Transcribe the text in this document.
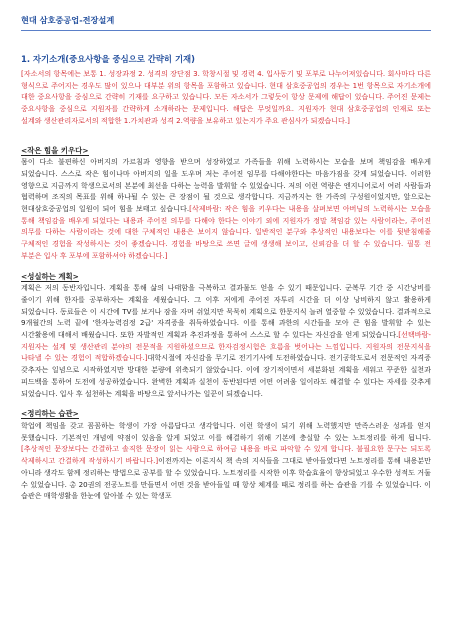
현대 삼호중공업-전장설계
1. 자기소개(중요사항을 중심으로 간략히 기재)

[자소서의 항목에는 보통 1. 성장과정 2. 성격의 장단점 3. 학창시절 및 경력 4. 입사동기 및 포부로 나누어져있습니다. 회사마다 다른 형식으로 주어지는 경우도 많이 있으나 대부분 위의 항목을 포함하고 있습니다. 현대 삼호중공업의 경우는 1번 항목으로 자기소개에 대한 중요사항을 중심으로 간략히 기재를 요구하고 있습니다. 모든 자소서가 그렇듯이 항상 문제에 해답이 있습니다. 주어진 문제는 중요사항을 중심으로 지원자를 간략하게 소개하라는 문제입니다. 해답은 무엇일까요. 지원자가 현대 삼호중공업의 인재로 또는 설계와 생산관리자로서의 적합한 1.가치관과 성격 2.역량을 보유하고 있는지가 주요 관심사가 되겠습니다.]

<작은 힘을 키우다>

몸이 다소 불편하신 아버지의 가르침과 영향을 받으며 성장하였고 가족들을 위해 노력하시는 모습을 보며 책임감을 배우게 되었습니다. 스스로 작은 힘이나마 아버지의 일을 도우며 저는 주어진 임무를 다해야한다는 마음가짐을 갖게 되었습니다. 이러한 영향으로 지금까지 학생으로서의 본분에 최선을 다하는 능력을 발휘할 수 있었습니다. 저의 이런 역량은 엔지니어로서 여러 사람들과 협력하며 조직의 목표를 위해 하나될 수 있는 큰 장점이 될 것으로 생각합니다. 지금까지는 한 가족의 구성원이었지만, 앞으로는 현대삼호중공업의 일원이 되어 힘을 보태고 싶습니다.[삭제바람: 작은 힘을 키우다는 내용을 살펴보면 아버님의 노력하시는 모습을 통해 책임감을 배우게 되었다는 내용과 주어진 의무를 다해야 한다는 이야기 외에 지원자가 정말 책임감 있는 사람이라는, 주어진 의무를 다하는 사람이라는 것에 대한 구체적인 내용은 보이지 않습니다. 일반적인 분구와 추상적인 내용보다는 이를 뒷받침해줄 구체적인 경험을 작성하시는 것이 좋겠습니다. 경험을 바탕으로 쓰면 글에 생생해 보이고, 신뢰감을 더 할 수 있습니다. 필통 전 부분은 입사 후 포부에 포함하셔야 하겠습니다.]

<성실하는 계획>

계획은 저의 동반자입니다. 계획을 통해 삶의 나태함을 극복하고 결과물도 얻을 수 있기 때문입니다. 군복무 기간 중 시간낭비를 줄이기 위해 한자를 공부하자는 계획을 세웠습니다. 그 이후 저에게 주어진 자투리 시간을 더 이상 낭비하지 않고 활용하게 되었습니다. 동료들은 이 시간에 TV를 보거나 잠을 자며 쉬었지만 묵묵히 계획으로 한문지식 늘려 열중할 수 있었습니다. 결과적으로 9개월간의 노력 끝에 '한자능력검정 2급' 자격증을 취득하였습니다. 이를 통해 과한의 시간들을 모아 큰 힘을 발휘할 수 있는 시간활용에 대해서 배웠습니다. 또한 자발적인 계획과 추진과정을 통하여 스스로 할 수 있다는 자신감을 얻게 되었습니다.[선택바람-지원자는 설계 및 생산관리 분야의 전문적을 지원하셨으므로 한자검정시험은 흐름을 벗어나는 느낌입니다. 지원자의 전문지식을 나타낼 수 있는 경험이 적합하겠습니다.]대학시절에 자신감을 무기로 전기기사에 도전하였습니다. 전기공학도로서 전문적인 자격증 갖추자는 일념으로 시작하였지만 방대한 분량에 위축되기 않았습니다. 이에 장기적이면서 세분화된 계획을 세워고 꾸준한 실천과 피드백을 통하여 도전에 성공하였습니다. 완벽한 계획과 실천이 동반된다면 어떤 어려움 일이라도 해결할 수 있다는 자세를 갖추게 되었습니다. 입사 후 설천하는 계획을 바탕으로 앞서나가는 일꾼이 되겠습니다.

<정리하는 습관>

학업에 책임을 갖고 꼼꼼하는 학생이 가장 아름답다고 생각합니다. 이런 학생이 되기 위해 노력했지만 만족스러운 성과를 얻지 못했습니다. 기본적인 개념에 약점이 있음을 알게 되었고 이를 해결하기 위해 기본에 충실할 수 있는 노트정리를 하게 됩니다.[추상적인 문장보다는 간결하고 솔직한 문장이 읽는 사람으로 하여금 내용을 바로 파악할 수 있게 합니다. 불필요한 문구는 되도록 삭제하시고 간결하게 작성하시기 바랍니다.]이전까지는 이론지식 책 속의 지식들을 그대로 받아들였다면 노트정리를 통해 내용분만 아니라 생각도 함께 정리하는 방법으로 공부를 할 수 있었습니다. 노트정리를 시작한 이후 학습효율이 향상되었고 우수한 성적도 거둘 수 있었습니다. 총 20권의 전공노트를 만들면서 어떤 것을 받아들일 때 항상 체계를 때로 정리를 하는 습관을 기를 수 있었습니다. 이 습관은 매학생활을 한눈에 알아볼 수 있는 학생포
